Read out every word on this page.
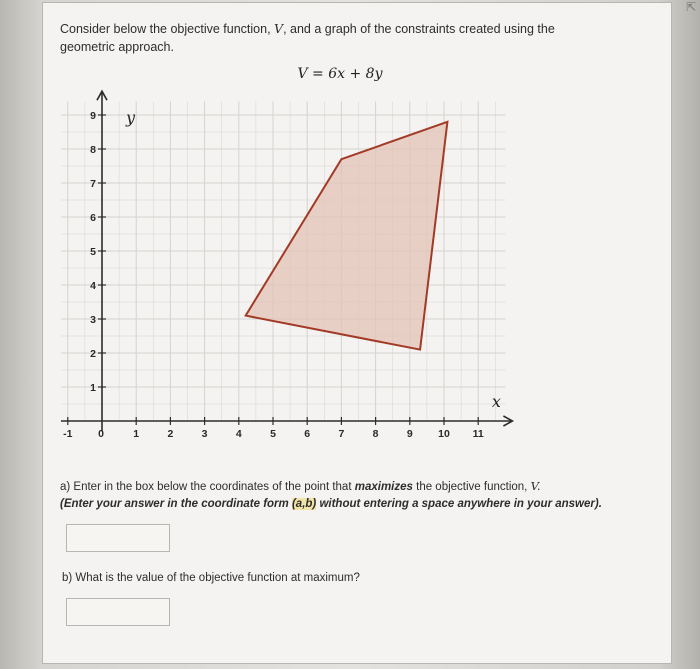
Consider below the objective function, V, and a graph of the constraints created using the geometric approach.
V = 6x + 8y
-1 0	1	2	3	4	5	6	7	8	9 10 11
1
2
3
4
5
6
7
8
9
x
y
a) Enter in the box below the coordinates of the point that maximizes the objective function, V.
(Enter your answer in the coordinate form (a,b) without entering a space anywhere in your answer).
b) What is the value of the objective function at maximum?
⇱
